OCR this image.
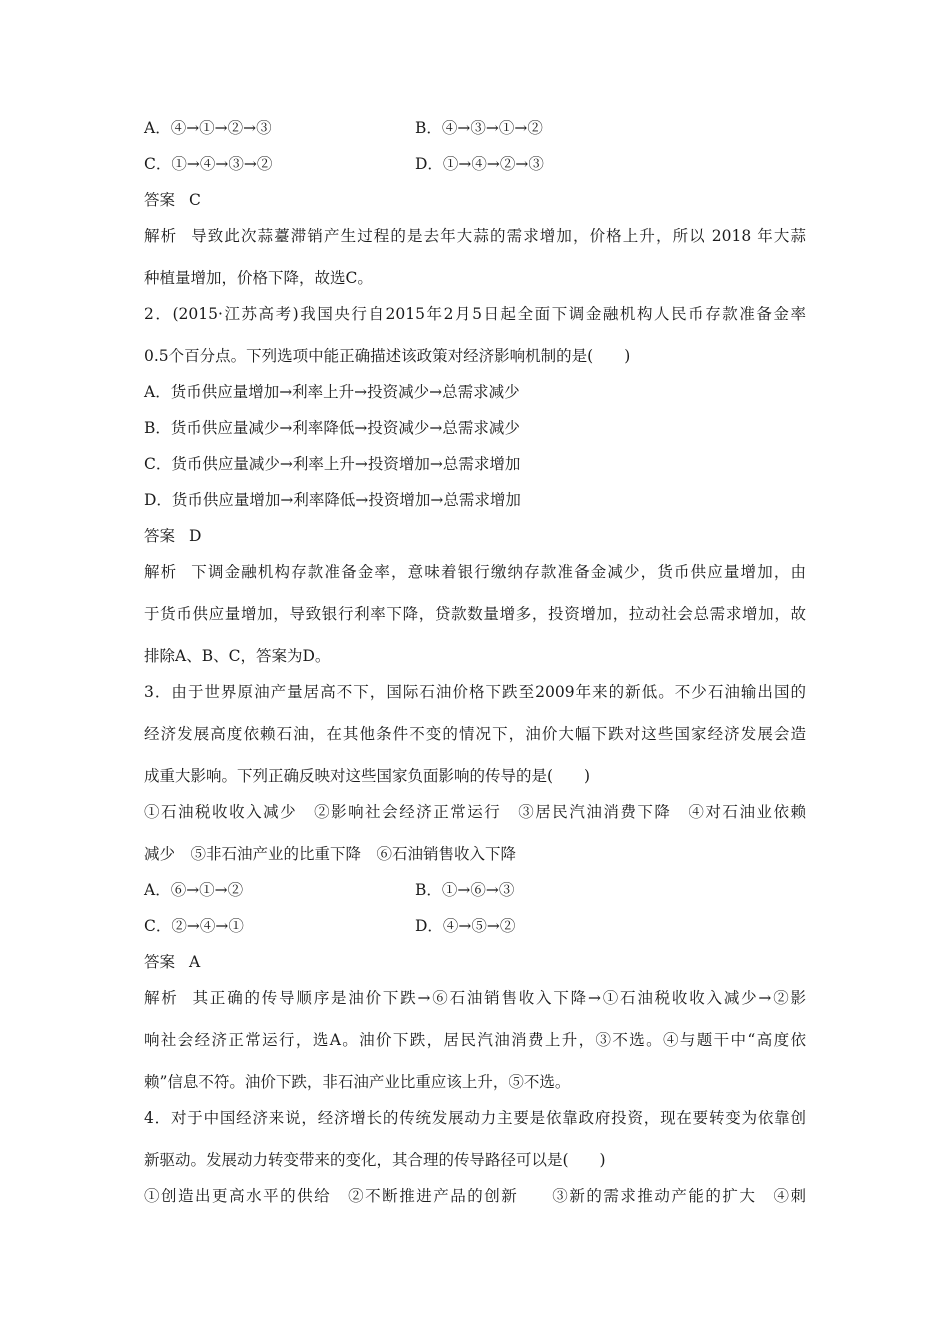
A．④→①→②→③	B．④→③→①→②
C．①→④→③→②	D．①→④→②→③
答案 C
解析 导致此次蒜薹滞销产生过程的是去年大蒜的需求增加，价格上升，所以 2018 年大蒜
种植量增加，价格下降，故选C。
2．(2015·江苏高考)我国央行自2015年2月5日起全面下调金融机构人民币存款准备金率
0.5个百分点。下列选项中能正确描述该政策对经济影响机制的是(　　)
A．货币供应量增加→利率上升→投资减少→总需求减少
B．货币供应量减少→利率降低→投资减少→总需求减少
C．货币供应量减少→利率上升→投资增加→总需求增加
D．货币供应量增加→利率降低→投资增加→总需求增加
答案 D
解析 下调金融机构存款准备金率，意味着银行缴纳存款准备金减少，货币供应量增加，由
于货币供应量增加，导致银行利率下降，贷款数量增多，投资增加，拉动社会总需求增加，故
排除A、B、C，答案为D。
3．由于世界原油产量居高不下，国际石油价格下跌至2009年来的新低。不少石油输出国的
经济发展高度依赖石油，在其他条件不变的情况下，油价大幅下跌对这些国家经济发展会造
成重大影响。下列正确反映对这些国家负面影响的传导的是(　　)
①石油税收收入减少　②影响社会经济正常运行　③居民汽油消费下降　④对石油业依赖
减少　⑤非石油产业的比重下降　⑥石油销售收入下降
A．⑥→①→②	B．①→⑥→③
C．②→④→①	D．④→⑤→②
答案 A
解析 其正确的传导顺序是油价下跌→⑥石油销售收入下降→①石油税收收入减少→②影
响社会经济正常运行，选A。油价下跌，居民汽油消费上升，③不选。④与题干中“高度依
赖”信息不符。油价下跌，非石油产业比重应该上升，⑤不选。
4．对于中国经济来说，经济增长的传统发展动力主要是依靠政府投资，现在要转变为依靠创
新驱动。发展动力转变带来的变化，其合理的传导路径可以是(　　)
①创造出更高水平的供给　②不断推进产品的创新　　③新的需求推动产能的扩大　④刺
